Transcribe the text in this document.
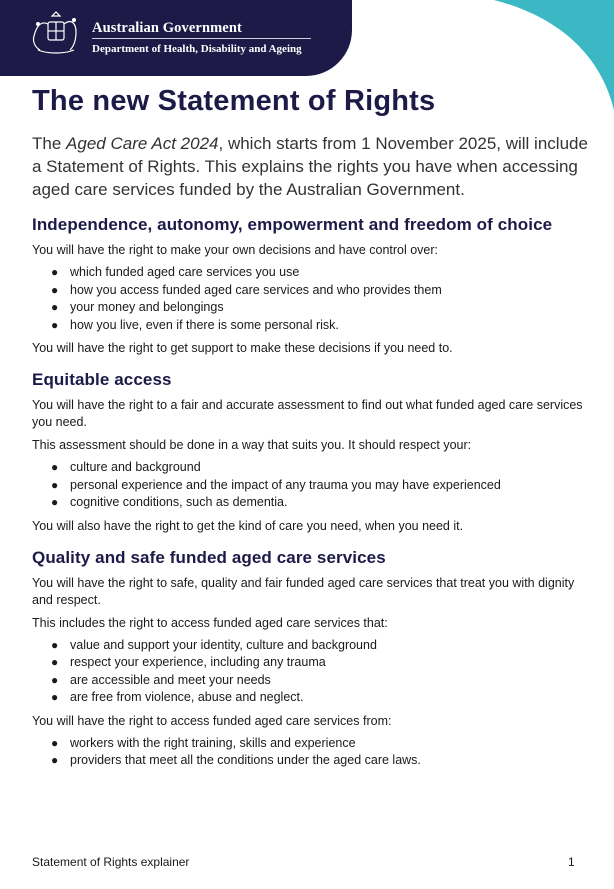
Australian Government
Department of Health, Disability and Ageing
The new Statement of Rights

The Aged Care Act 2024, which starts from 1 November 2025, will include a Statement of Rights. This explains the rights you have when accessing aged care services funded by the Australian Government.

Independence, autonomy, empowerment and freedom of choice

You will have the right to make your own decisions and have control over:

● which funded aged care services you use
● how you access funded aged care services and who provides them
● your money and belongings
● how you live, even if there is some personal risk.

You will have the right to get support to make these decisions if you need to.

Equitable access

You will have the right to a fair and accurate assessment to find out what funded aged care services you need.

This assessment should be done in a way that suits you. It should respect your:

● culture and background
● personal experience and the impact of any trauma you may have experienced
● cognitive conditions, such as dementia.

You will also have the right to get the kind of care you need, when you need it.

Quality and safe funded aged care services

You will have the right to safe, quality and fair funded aged care services that treat you with dignity and respect.

This includes the right to access funded aged care services that:

● value and support your identity, culture and background
● respect your experience, including any trauma
● are accessible and meet your needs
● are free from violence, abuse and neglect.

You will have the right to access funded aged care services from:

● workers with the right training, skills and experience
● providers that meet all the conditions under the aged care laws.
Statement of Rights explainer	1
